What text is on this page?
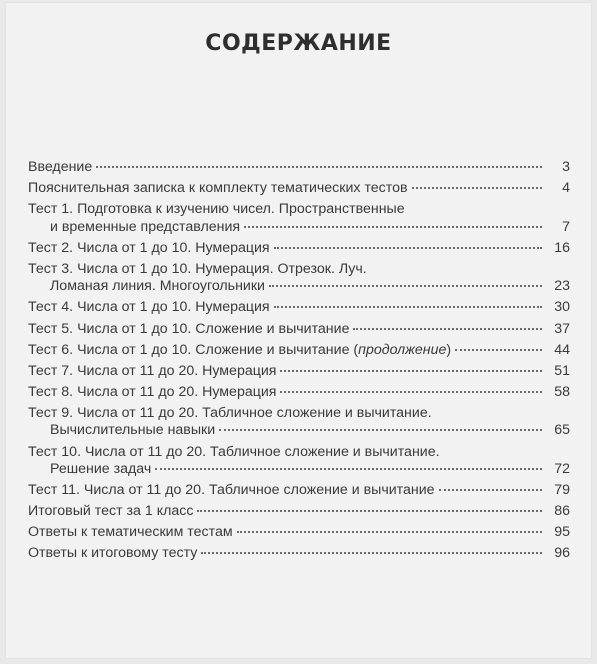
СОДЕРЖАНИЕ
Введение	3
Пояснительная записка к комплекту тематических тестов	4
Тест 1. Подготовка к изучению чисел. Пространственные
и временные представления	7
Тест 2. Числа от 1 до 10. Нумерация	16
Тест 3. Числа от 1 до 10. Нумерация. Отрезок. Луч.
Ломаная линия. Многоугольники	23
Тест 4. Числа от 1 до 10. Нумерация	30
Тест 5. Числа от 1 до 10. Сложение и вычитание	37
Тест 6. Числа от 1 до 10. Сложение и вычитание (продолжение)	44
Тест 7. Числа от 11 до 20. Нумерация	51
Тест 8. Числа от 11 до 20. Нумерация	58
Тест 9. Числа от 11 до 20. Табличное сложение и вычитание.
Вычислительные навыки	65
Тест 10. Числа от 11 до 20. Табличное сложение и вычитание.
Решение задач	72
Тест 11. Числа от 11 до 20. Табличное сложение и вычитание	79
Итоговый тест за 1 класс	86
Ответы к тематическим тестам	95
Ответы к итоговому тесту	96
